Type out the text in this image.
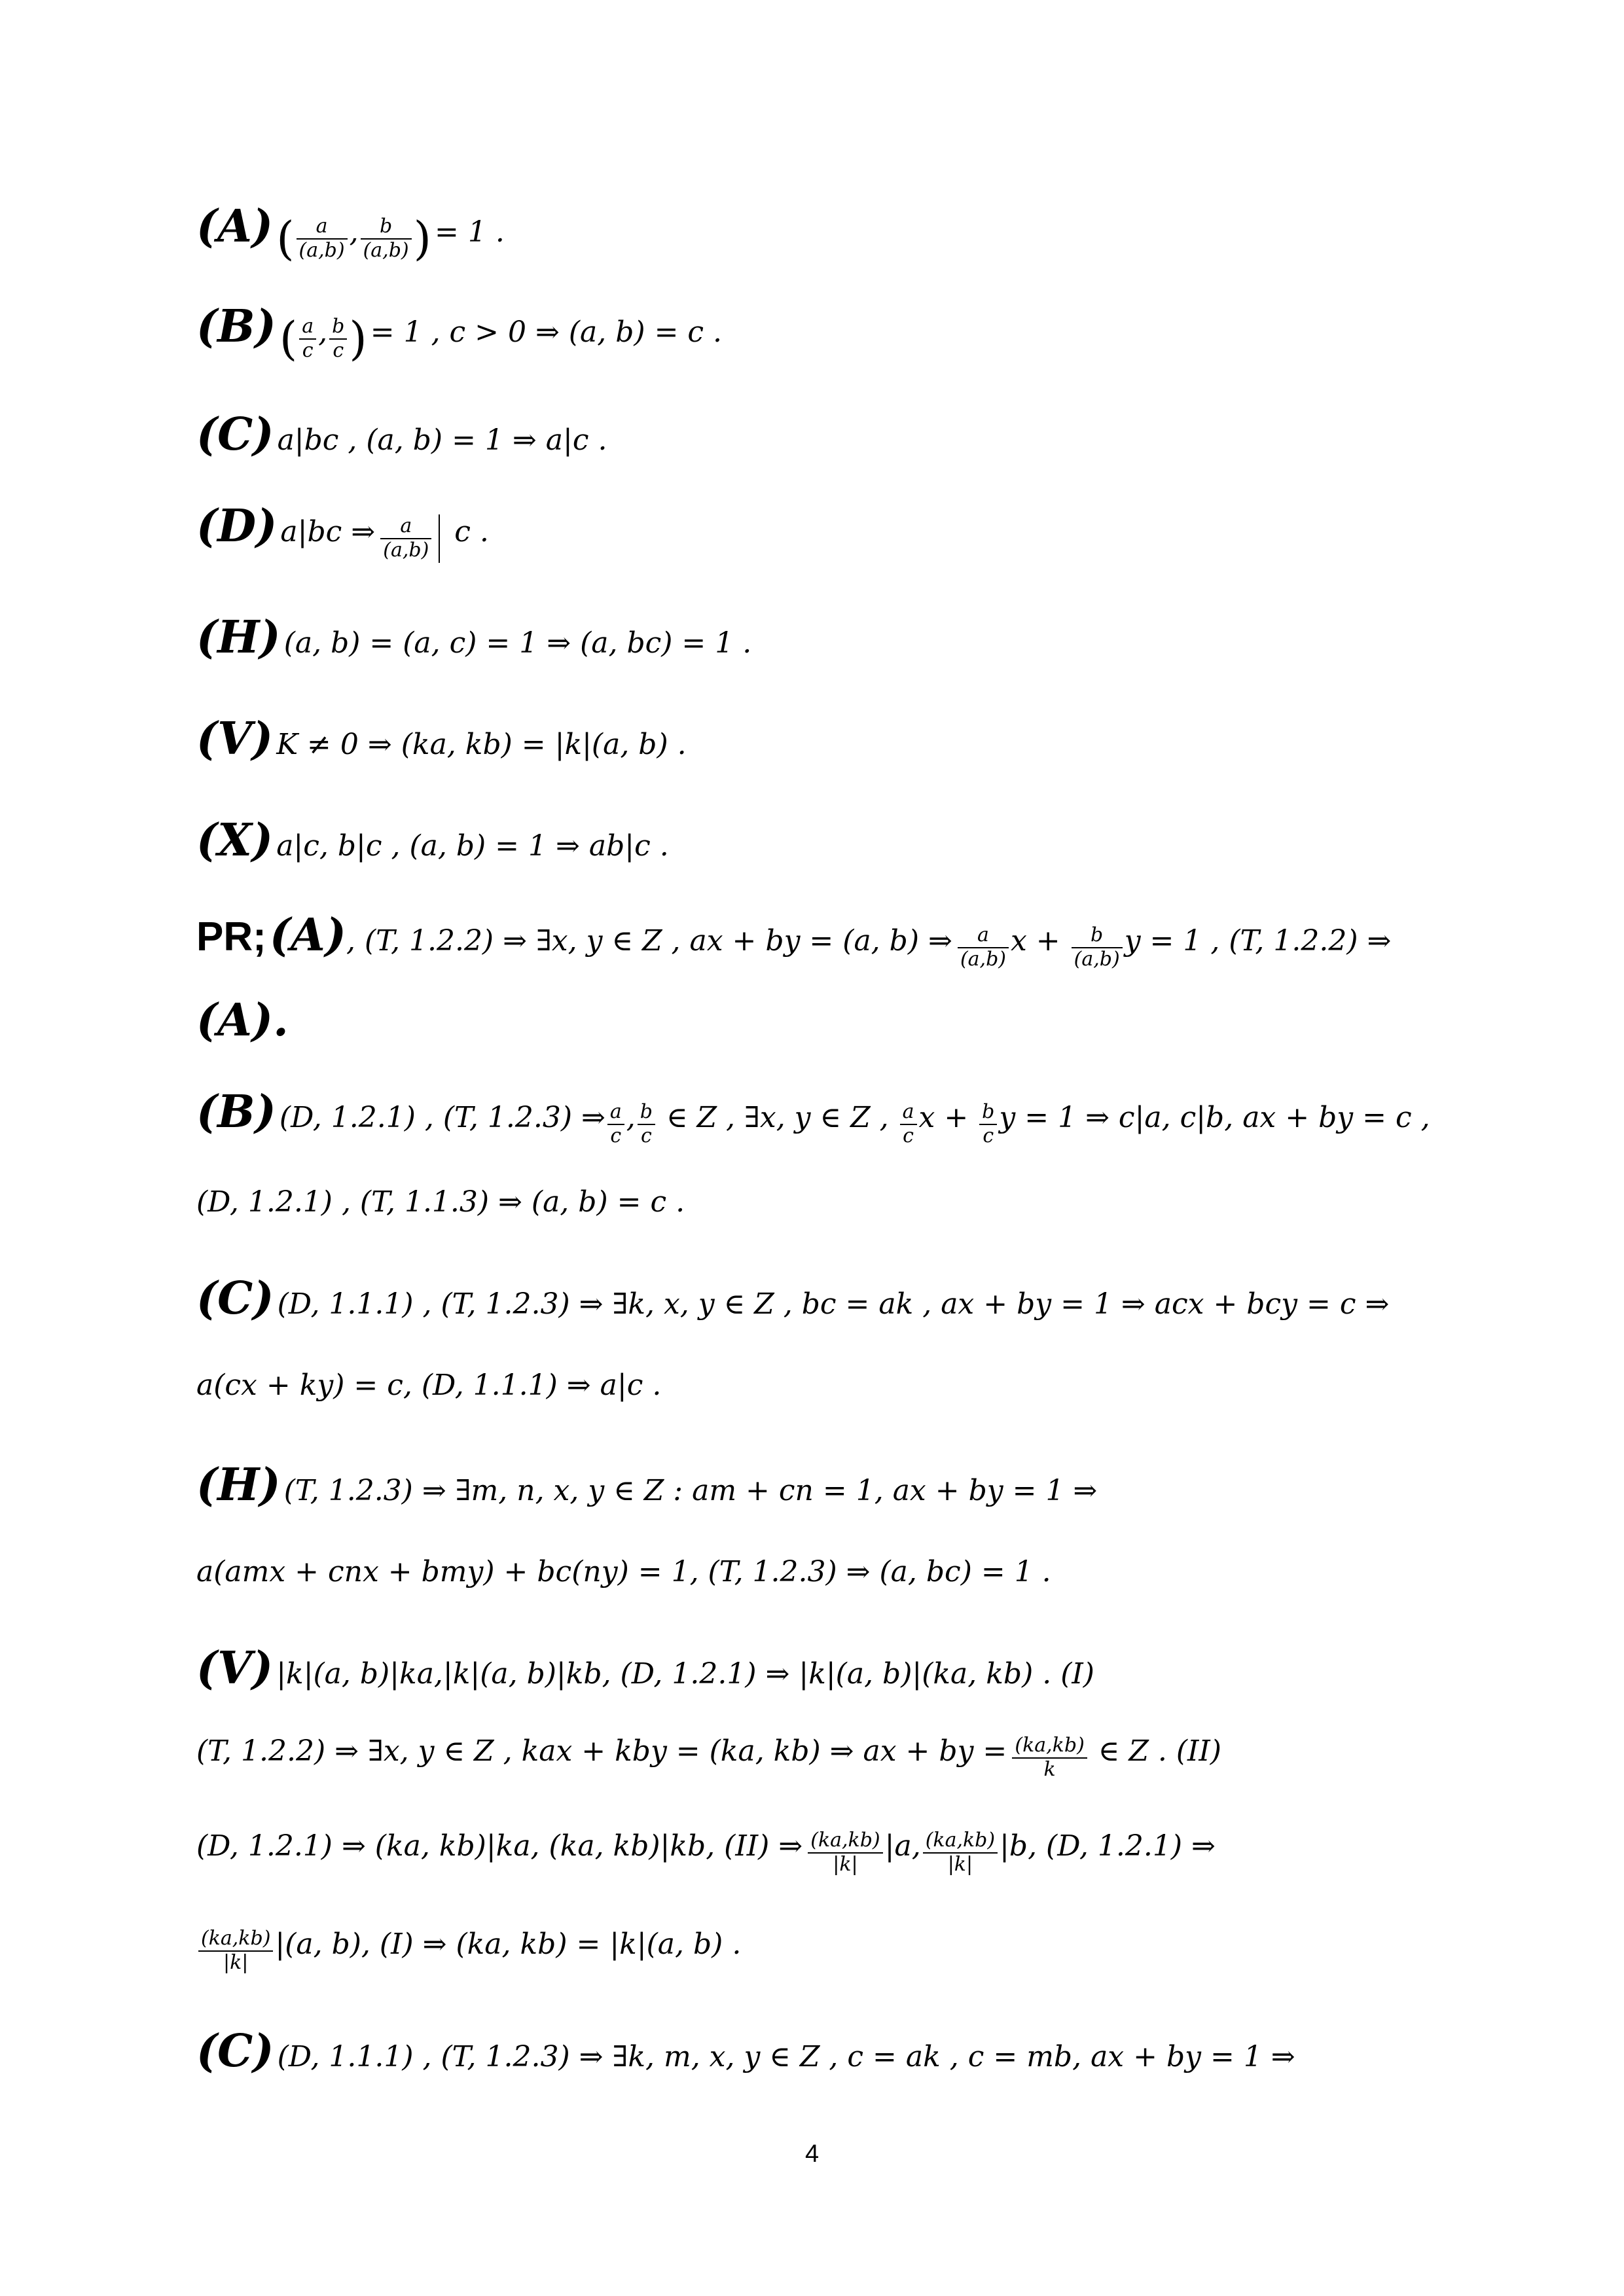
(A) ( $\frac{a}{(a,b)}$ , $\frac{b}{(a,b)}$ ) = 1 .
(B) ( $\frac{a}{c}$ , $\frac{b}{c}$ ) = 1 , c > 0 ⇒ (a, b) = c .
(C) a|bc , (a, b) = 1 ⇒ a|c .
(D) a|bc ⇒ $\frac{a}{(a,b)}$ c .
(H) (a, b) = (a, c) = 1 ⇒ (a, bc) = 1 .
(V) K ≠ 0 ⇒ (ka, kb) = |k|(a, b) .
(X) a|c, b|c , (a, b) = 1 ⇒ ab|c .
PR; (A), (T, 1.2.2) ⇒ ∃x, y ∈ Z , ax + by = (a, b) ⇒ $\frac{a}{(a,b)}$ $x + \frac{b}{(a,b)}$ y = 1 , (T, 1.2.2) ⇒
(A).
(B) (D, 1.2.1) , (T, 1.2.3) ⇒ $\frac{a}{c}$ , $\frac{b}{c}$ ∈ Z , ∃x, y ∈ Z , $\frac{a}{c}$ $x + \frac{b}{c}$ y = 1 ⇒ c|a, c|b, ax + by = c ,
(D, 1.2.1) , (T, 1.1.3) ⇒ (a, b) = c .
(C) (D, 1.1.1) , (T, 1.2.3) ⇒ ∃k, x, y ∈ Z , bc = ak , ax + by = 1 ⇒ acx + bcy = c ⇒
a(cx + ky) = c, (D, 1.1.1) ⇒ a|c .
(H) (T, 1.2.3) ⇒ ∃m, n, x, y ∈ Z : am + cn = 1, ax + by = 1 ⇒
a(amx + cnx + bmy) + bc(ny) = 1, (T, 1.2.3) ⇒ (a, bc) = 1 .
(V) |k|(a, b)|ka,|k|(a, b)|kb, (D, 1.2.1) ⇒ |k|(a, b)|(ka, kb) . (I)
(T, 1.2.2) ⇒ ∃x, y ∈ Z , kax + kby = (ka, kb) ⇒ ax + by = $\frac{(ka,kb)}{k}$ ∈ Z . (II)
(D, 1.2.1) ⇒ (ka, kb)|ka, (ka, kb)|kb, (II) ⇒ $\frac{(ka,kb)}{|k|} |a$, $\frac{(ka,kb)}{|k|} |b$, (D, 1.2.1) ⇒
$\frac{(ka,kb)}{|k|} |(a$, b), (I) ⇒ (ka, kb) = |k|(a, b) .
(C) (D, 1.1.1) , (T, 1.2.3) ⇒ ∃k, m, x, y ∈ Z , c = ak , c = mb, ax + by = 1 ⇒
4
